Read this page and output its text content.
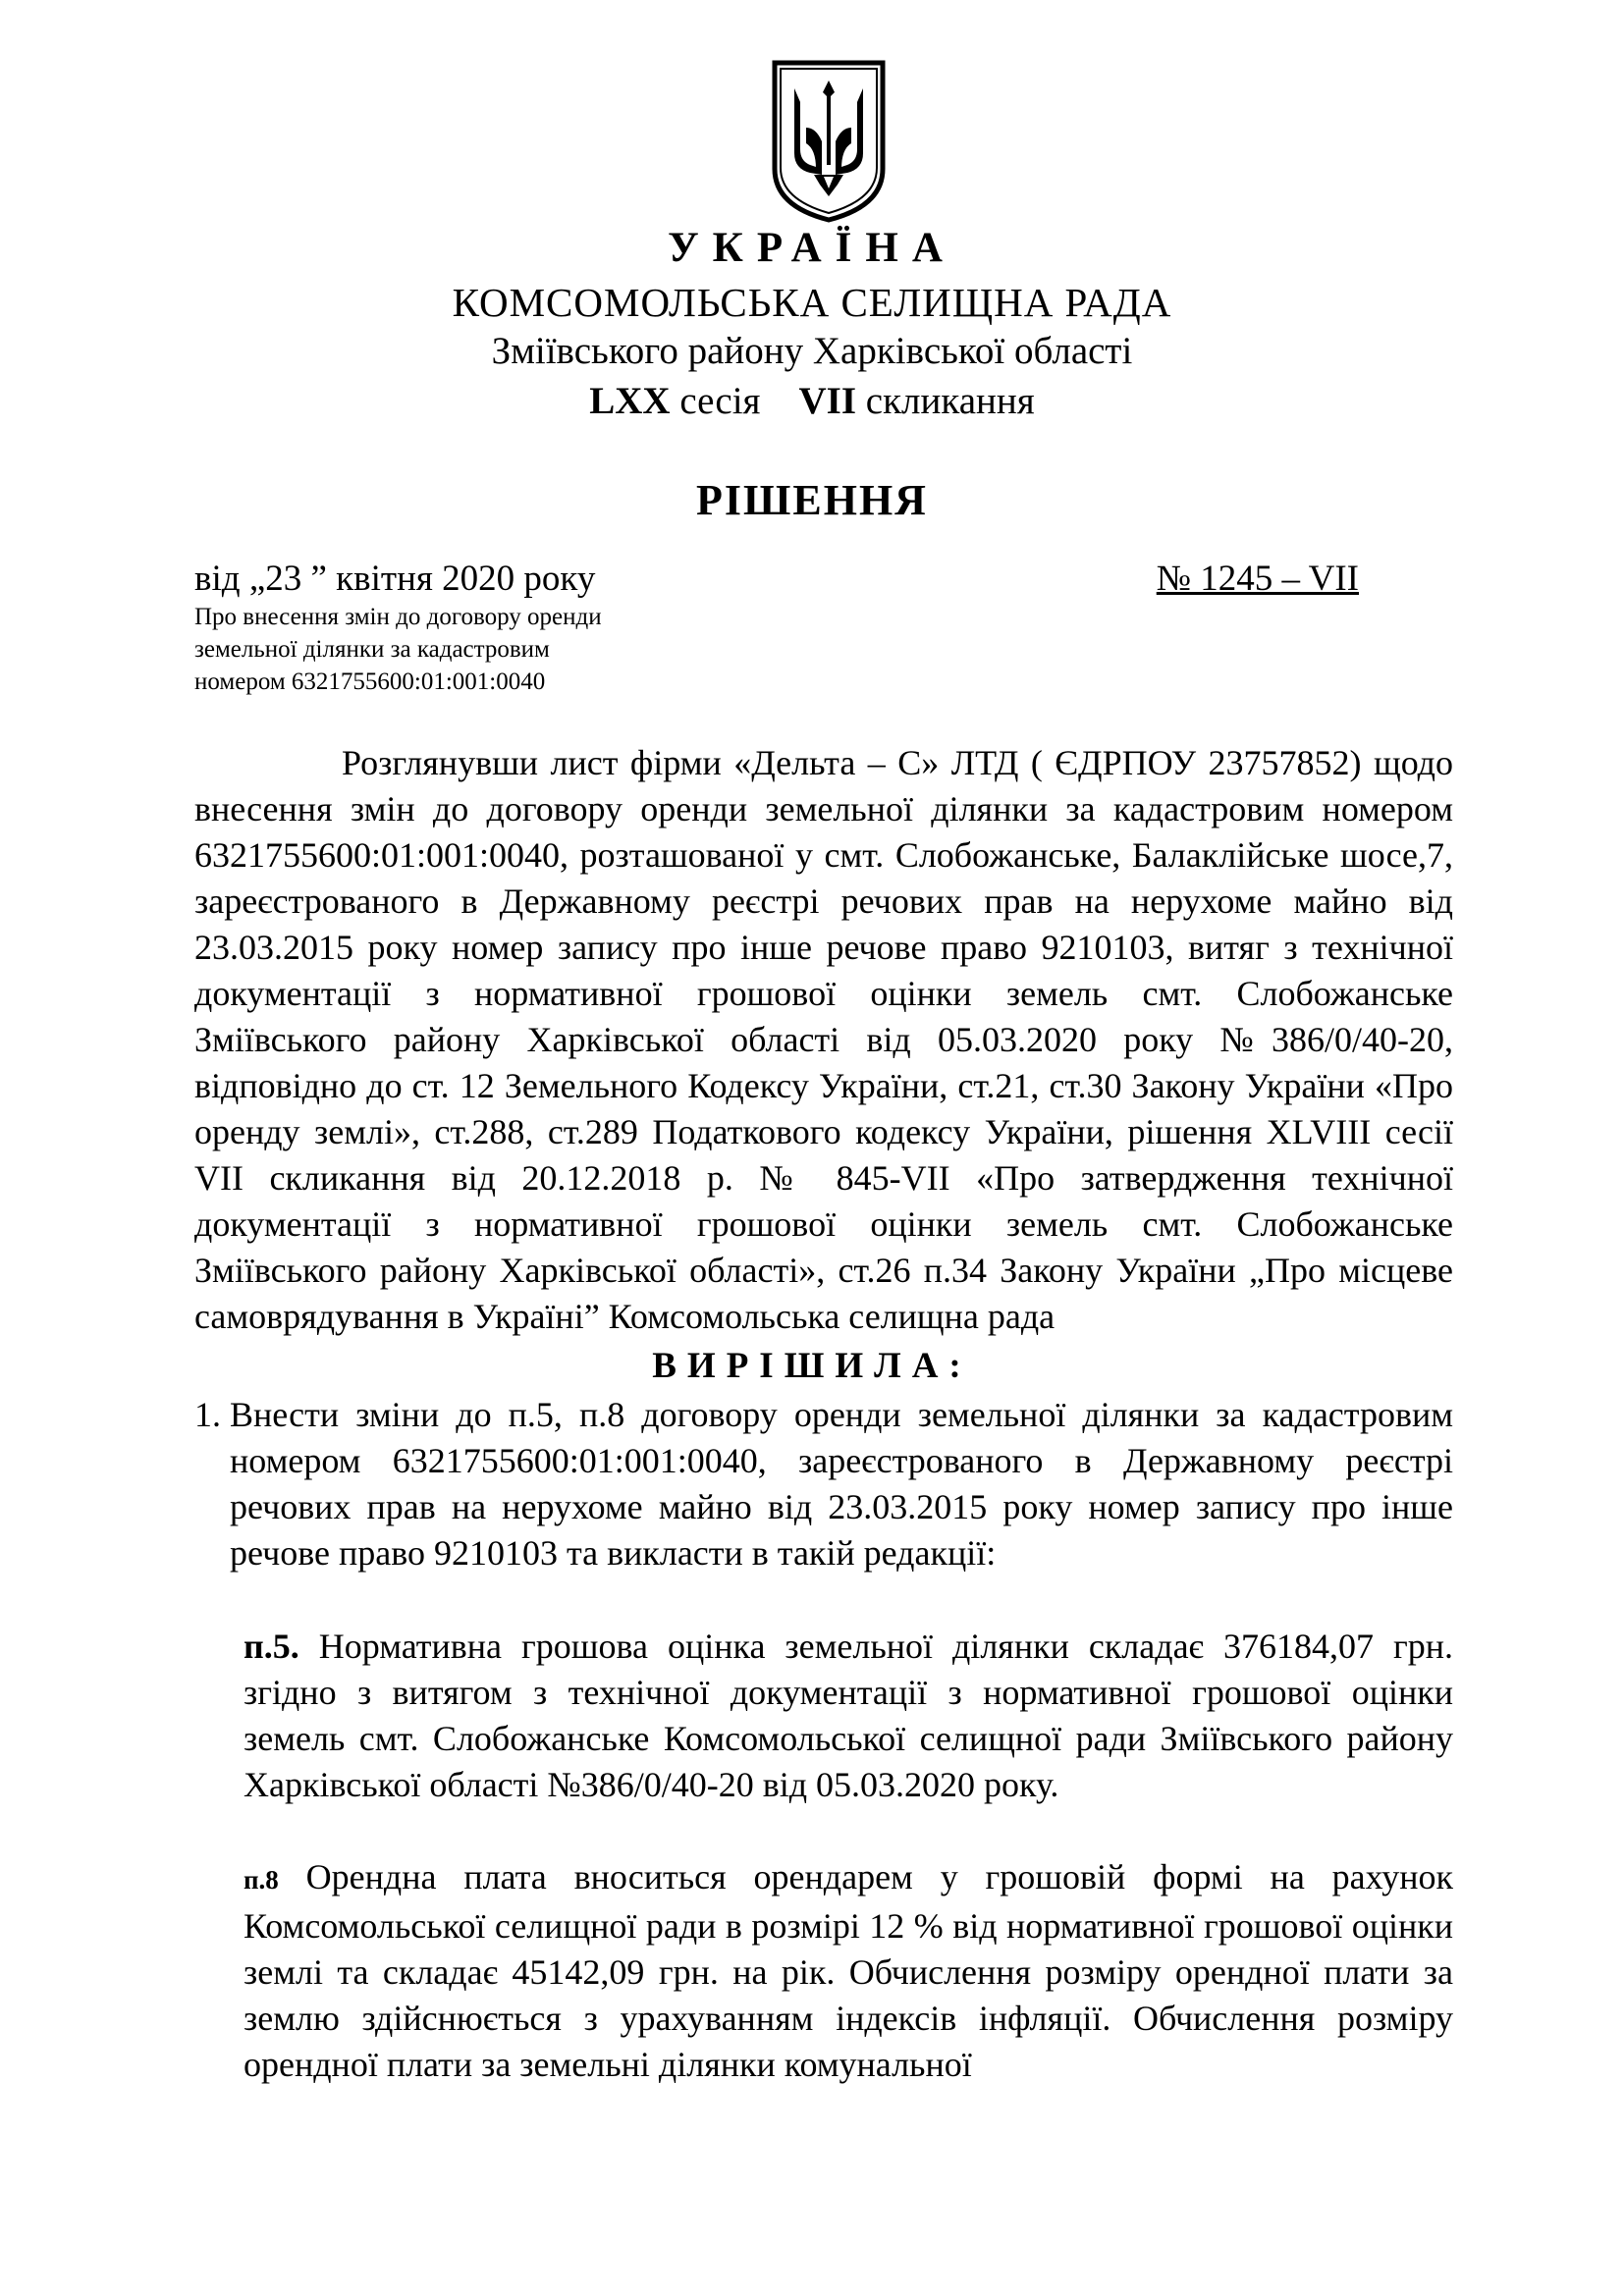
УКРАЇНА
КОМСОМОЛЬСЬКА СЕЛИЩНА РАДА
Зміївського району Харківської області
LXX сесія VII скликання
РІШЕННЯ
від „23 ” квітня 2020 року	№ 1245 – VII
Про внесення змін до договору оренди
земельної ділянки за кадастровим
номером 6321755600:01:001:0040
Розглянувши лист фірми «Дельта – С» ЛТД ( ЄДРПОУ 23757852) щодо внесення змін до договору оренди земельної ділянки за кадастровим номером 6321755600:01:001:0040, розташованої у смт. Слобожанське, Балаклійське шосе,7, зареєстрованого в Державному реєстрі речових прав на нерухоме майно від 23.03.2015 року номер запису про інше речове право 9210103, витяг з технічної документації з нормативної грошової оцінки земель смт. Слобожанське Зміївського району Харківської області від 05.03.2020 року №386/0/40-20, відповідно до ст. 12 Земельного Кодексу України, ст.21, ст.30 Закону України «Про оренду землі», ст.288, ст.289 Податкового кодексу України, рішення XLVIII сесії VII скликання від 20.12.2018 р. № 845-VII «Про затвердження технічної документації з нормативної грошової оцінки земель смт. Слобожанське Зміївського району Харківської області», ст.26 п.34 Закону України „Про місцеве самоврядування в Україні” Комсомольська селищна рада
ВИРІШИЛА:
1. Внести зміни до п.5, п.8 договору оренди земельної ділянки за кадастровим номером 6321755600:01:001:0040, зареєстрованого в Державному реєстрі речових прав на нерухоме майно від 23.03.2015 року номер запису про інше речове право 9210103 та викласти в такій редакції:
п.5. Нормативна грошова оцінка земельної ділянки складає 376184,07 грн. згідно з витягом з технічної документації з нормативної грошової оцінки земель смт. Слобожанське Комсомольської селищної ради Зміївського району Харківської області №386/0/40-20 від 05.03.2020 року.
п.8 Орендна плата вноситься орендарем у грошовій формі на рахунок Комсомольської селищної ради в розмірі 12 % від нормативної грошової оцінки землі та складає 45142,09 грн. на рік. Обчислення розміру орендної плати за землю здійснюється з урахуванням індексів інфляції. Обчислення розміру орендної плати за земельні ділянки комунальної
